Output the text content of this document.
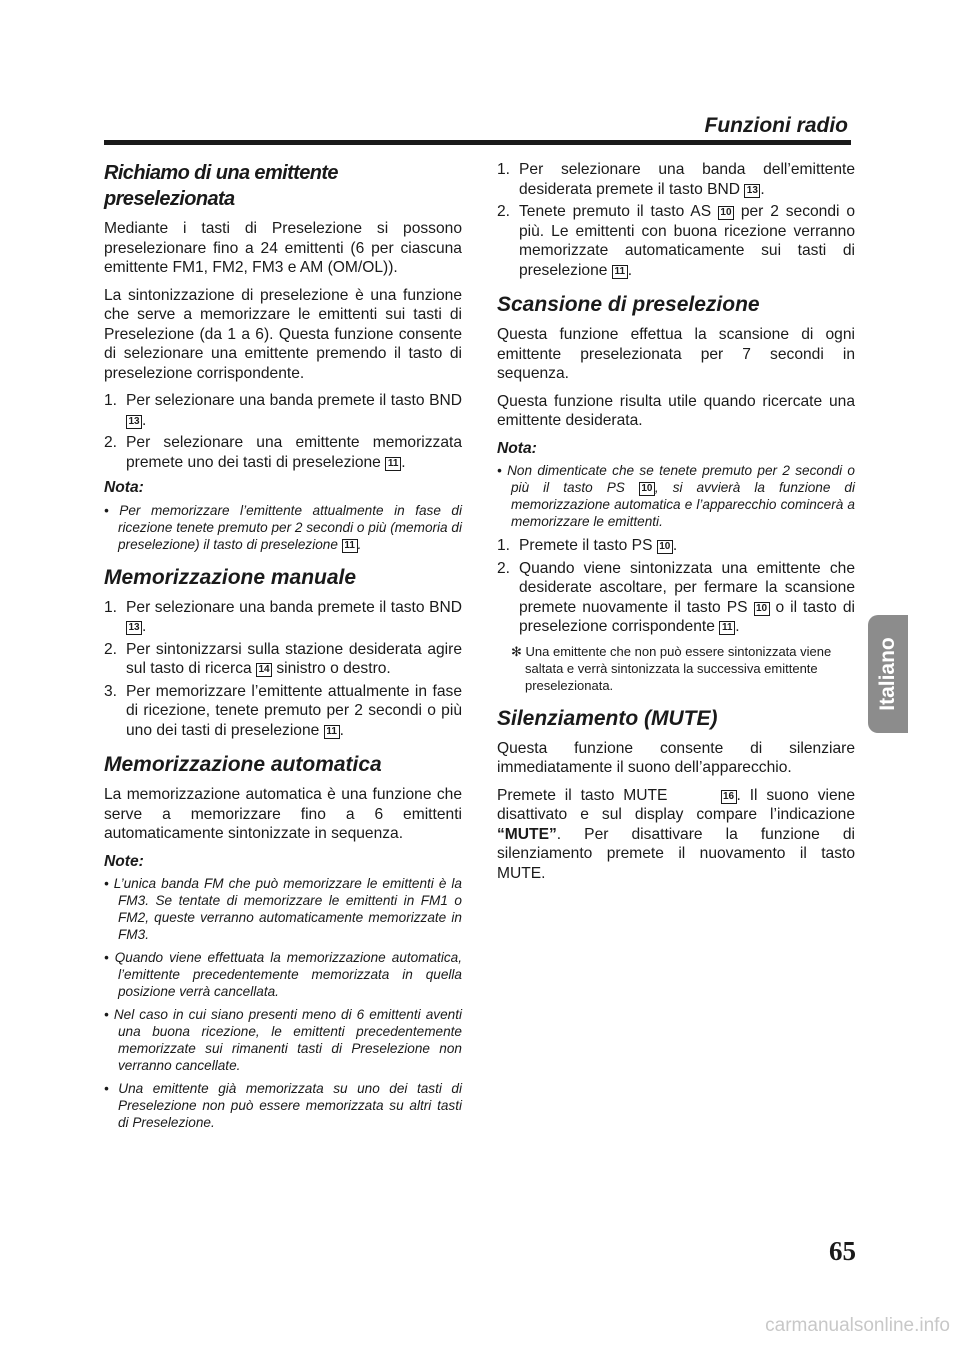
Funzioni radio
Richiamo di una emittente preselezionata

Mediante i tasti di Preselezione si possono preselezionare fino a 24 emittenti (6 per ciascuna emittente FM1, FM2, FM3 e AM (OM/OL)).

La sintonizzazione di preselezione è una funzione che serve a memorizzare le emittenti sui tasti di Preselezione (da 1 a 6). Questa funzione consente di selezionare una emittente premendo il tasto di preselezione corrispondente.

1. Per selezionare una banda premete il tasto BND 13 .
2. Per selezionare una emittente memorizzata premete uno dei tasti di preselezione 11 .
Nota:
• Per memorizzare l’emittente attualmente in fase di ricezione tenete premuto per 2 secondi o più (memoria di preselezione) il tasto di preselezione 11 .
Memorizzazione manuale
1. Per selezionare una banda premete il tasto BND 13 .
2. Per sintonizzarsi sulla stazione desiderata agire sul tasto di ricerca 14 sinistro o destro.
3. Per memorizzare l’emittente attualmente in fase di ricezione, tenete premuto per 2 secondi o più uno dei tasti di preselezione 11 .
Memorizzazione automatica

La memorizzazione automatica è una funzione che serve a memorizzare fino a 6 emittenti automaticamente sintonizzate in sequenza.

Note:
• L’unica banda FM che può memorizzare le emittenti è la FM3. Se tentate di memorizzare le emittenti in FM1 o FM2, queste verranno automaticamente memorizzate in FM3.
• Quando viene effettuata la memorizzazione automatica, l’emittente precedentemente memorizzata in quella posizione verrà cancellata.
• Nel caso in cui siano presenti meno di 6 emittenti aventi una buona ricezione, le emittenti precedentemente memorizzate sui rimanenti tasti di Preselezione non verranno cancellate.
• Una emittente già memorizzata su uno dei tasti di Preselezione non può essere memorizzata su altri tasti di Preselezione.
1. Per selezionare una banda dell’emittente desiderata premete il tasto BND 13 .
2. Tenete premuto il tasto AS 10 per 2 secondi o più. Le emittenti con buona ricezione verranno memorizzate automaticamente sui tasti di preselezione 11 .
Scansione di preselezione

Questa funzione effettua la scansione di ogni emittente preselezionata per 7 secondi in sequenza.

Questa funzione risulta utile quando ricercate una emittente desiderata.

Nota:
• Non dimenticate che se tenete premuto per 2 secondi o più il tasto PS 10 , si avvierà la funzione di memorizzazione automatica e l’apparecchio comincerà a memorizzare le emittenti.
1. Premete il tasto PS 10 .
2. Quando viene sintonizzata una emittente che desiderate ascoltare, per fermare la scansione premete nuovamente il tasto PS 10 o il tasto di preselezione corrispondente 11 .
✻ Una emittente che non può essere sintonizzata viene saltata e verrà sintonizzata la successiva emittente preselezionata.
Silenziamento (MUTE)

Questa funzione consente di silenziare immediatamente il suono dell’apparecchio.

Premete il tasto MUTE	16 . Il suono viene disattivato e sul display compare l’indicazione “MUTE”. Per disattivare la funzione di silenziamento premete il nuovamento il tasto MUTE.

Italiano
65
carmanualsonline.info
